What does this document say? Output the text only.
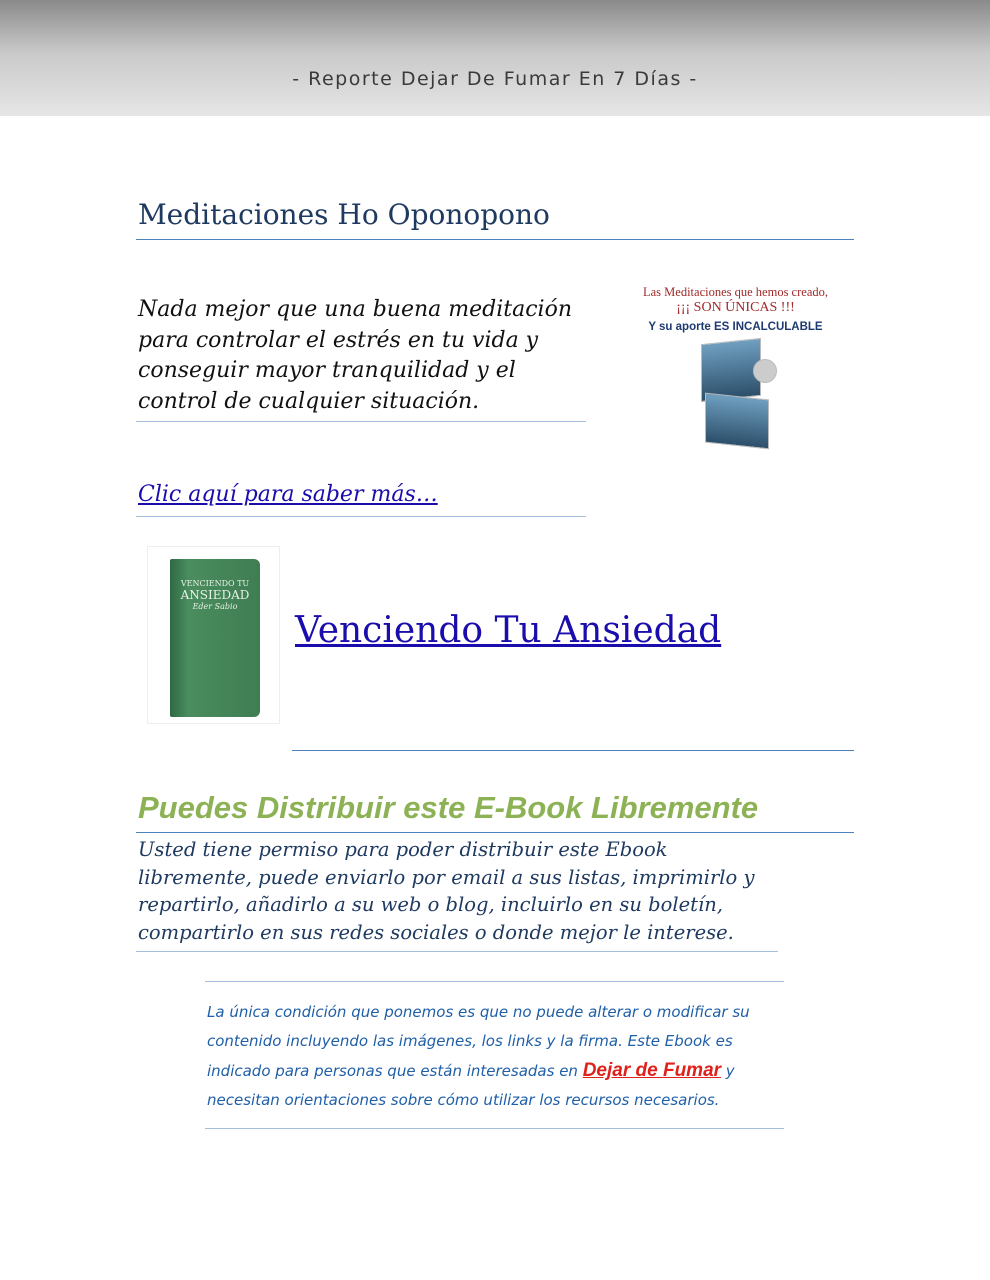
- Reporte Dejar De Fumar En 7 Días -
Meditaciones Ho Oponopono
Nada mejor que una buena meditación para controlar el estrés en tu vida y conseguir mayor tranquilidad y el control de cualquier situación.
Las Meditaciones que hemos creado,
¡¡¡ SON ÚNICAS !!!
Y su aporte ES INCALCULABLE
Clic aquí para saber más…
VENCIENDO TU
ANSIEDAD
Eder Sabio
Venciendo Tu Ansiedad
Puedes Distribuir este E-Book Libremente
Usted tiene permiso para poder distribuir este Ebook libremente, puede enviarlo por email a sus listas, imprimirlo y repartirlo, añadirlo a su web o blog, incluirlo en su boletín, compartirlo en sus redes sociales o donde mejor le interese.
La única condición que ponemos es que no puede alterar o modificar su contenido incluyendo las imágenes, los links y la firma. Este Ebook es indicado para personas que están interesadas en Dejar de Fumar y necesitan orientaciones sobre cómo utilizar los recursos necesarios.
